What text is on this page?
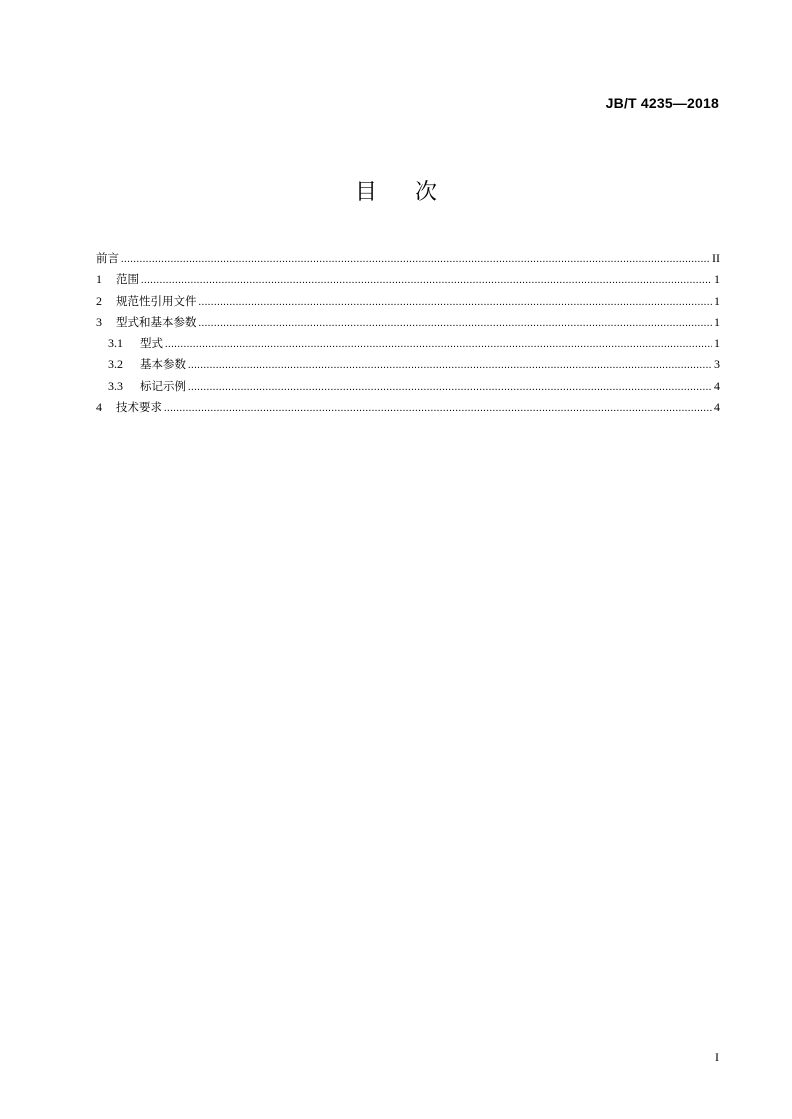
JB/T 4235—2018
目 次
前言 .....	II
1	范围 .....	1
2	规范性引用文件 .....	1
3	型式和基本参数 .....	1
3.1	型式 .....	1
3.2	基本参数 .....	3
3.3	标记示例 .....	4
4	技术要求 .....	4
I
